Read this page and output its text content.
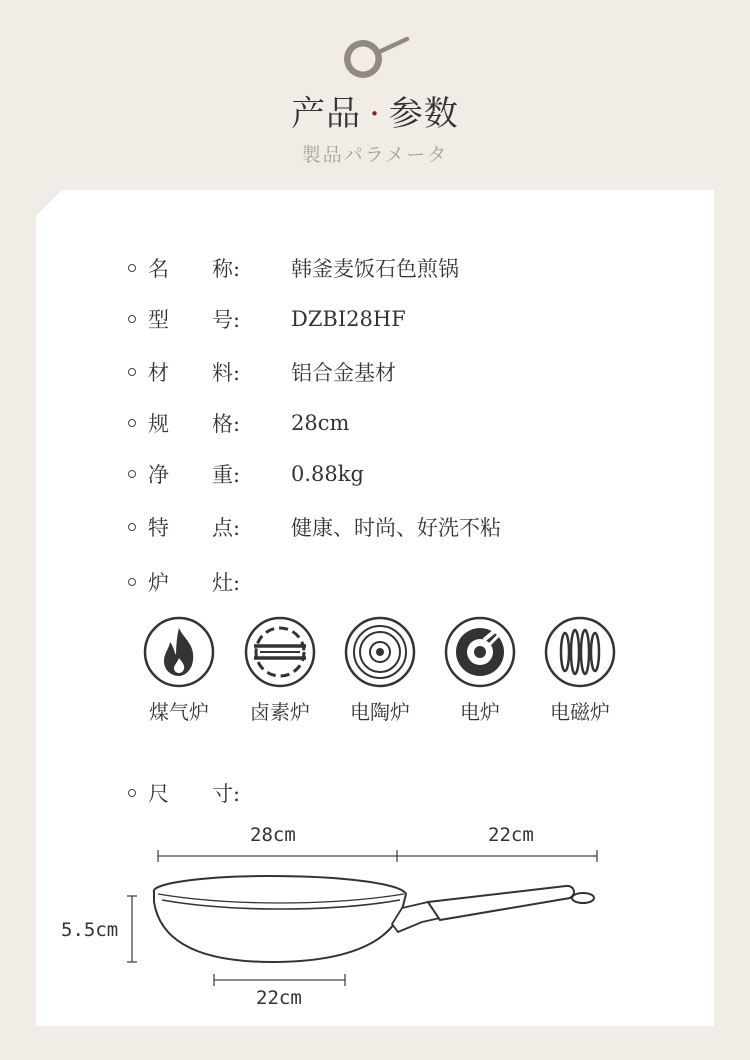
产品 · 参数
製品パラメータ
名	称:	韩釜麦饭石色煎锅
型	号:	DZBI28HF
材	料:	铝合金基材
规	格:	28cm
净	重:	0.88kg
特	点:	健康、时尚、好洗不粘
炉	灶:
煤气炉	卤素炉	电陶炉	电炉	电磁炉
尺	寸:
28cm	22cm
5.5cm
22cm
